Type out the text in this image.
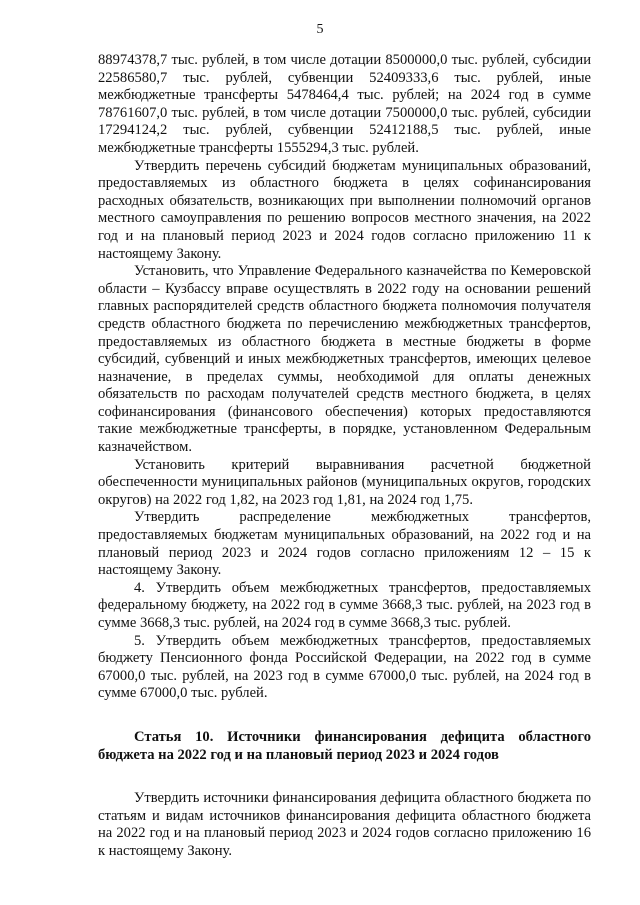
5

88974378,7 тыс. рублей, в том числе дотации 8500000,0 тыс. рублей, субсидии 22586580,7 тыс. рублей, субвенции 52409333,6 тыс. рублей, иные межбюджетные трансферты 5478464,4 тыс. рублей; на 2024 год в сумме 78761607,0 тыс. рублей, в том числе дотации 7500000,0 тыс. рублей, субсидии 17294124,2 тыс. рублей, субвенции 52412188,5 тыс. рублей, иные межбюджетные трансферты 1555294,3 тыс. рублей.

Утвердить перечень субсидий бюджетам муниципальных образований, предоставляемых из областного бюджета в целях софинансирования расходных обязательств, возникающих при выполнении полномочий органов местного самоуправления по решению вопросов местного значения, на 2022 год и на плановый период 2023 и 2024 годов согласно приложению 11 к настоящему Закону.

Установить, что Управление Федерального казначейства по Кемеровской области – Кузбассу вправе осуществлять в 2022 году на основании решений главных распорядителей средств областного бюджета полномочия получателя средств областного бюджета по перечислению межбюджетных трансфертов, предоставляемых из областного бюджета в местные бюджеты в форме субсидий, субвенций и иных межбюджетных трансфертов, имеющих целевое назначение, в пределах суммы, необходимой для оплаты денежных обязательств по расходам получателей средств местного бюджета, в целях софинансирования (финансового обеспечения) которых предоставляются такие межбюджетные трансферты, в порядке, установленном Федеральным казначейством.

Установить критерий выравнивания расчетной бюджетной обеспеченности муниципальных районов (муниципальных округов, городских округов) на 2022 год 1,82, на 2023 год 1,81, на 2024 год 1,75.

Утвердить распределение межбюджетных трансфертов, предоставляемых бюджетам муниципальных образований, на 2022 год и на плановый период 2023 и 2024 годов согласно приложениям 12 – 15 к настоящему Закону.

4. Утвердить объем межбюджетных трансфертов, предоставляемых федеральному бюджету, на 2022 год в сумме 3668,3 тыс. рублей, на 2023 год в сумме 3668,3 тыс. рублей, на 2024 год в сумме 3668,3 тыс. рублей.

5. Утвердить объем межбюджетных трансфертов, предоставляемых бюджету Пенсионного фонда Российской Федерации, на 2022 год в сумме 67000,0 тыс. рублей, на 2023 год в сумме 67000,0 тыс. рублей, на 2024 год в сумме 67000,0 тыс. рублей.

Статья 10. Источники финансирования дефицита областного бюджета на 2022 год и на плановый период 2023 и 2024 годов

Утвердить источники финансирования дефицита областного бюджета по статьям и видам источников финансирования дефицита областного бюджета на 2022 год и на плановый период 2023 и 2024 годов согласно приложению 16 к настоящему Закону.
